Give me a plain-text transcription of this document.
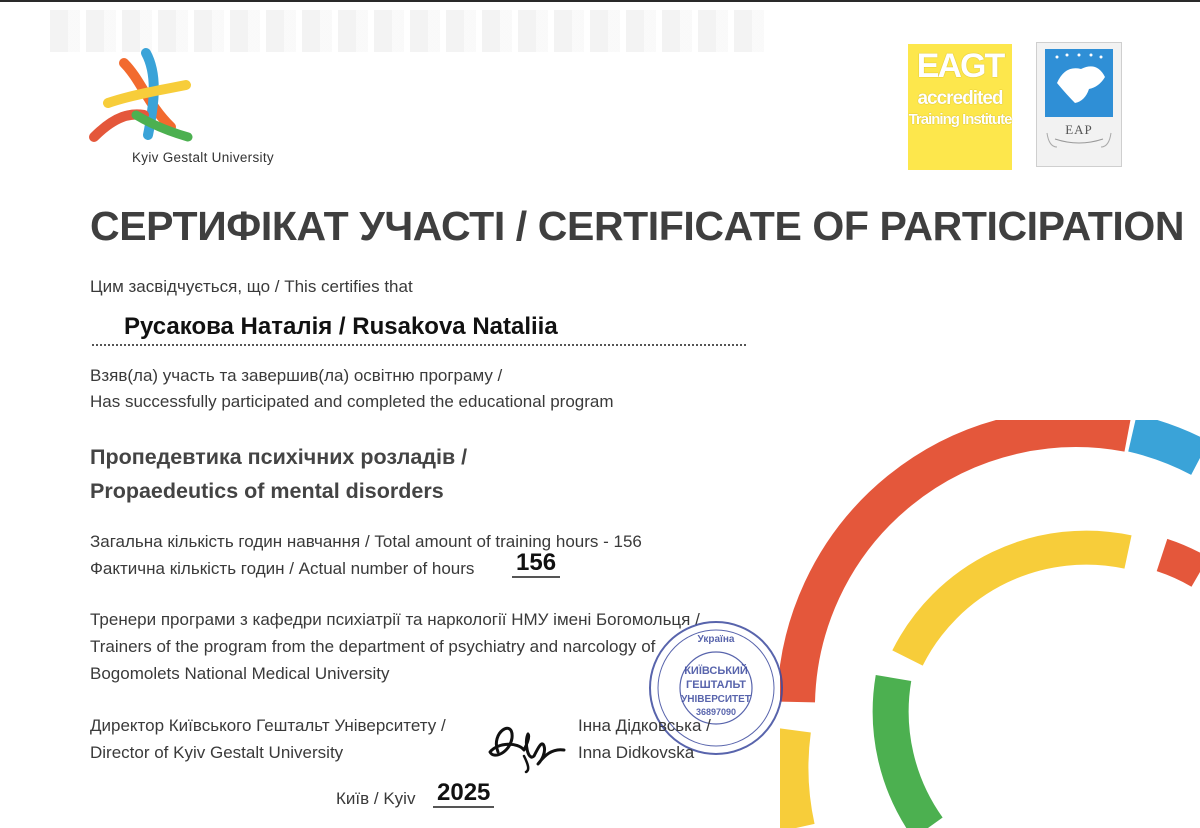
Kyiv Gestalt University
EAGT
accredited
Training Institute
EAP
СЕРТИФІКАТ УЧАСТІ / CERTIFICATE OF PARTICIPATION
Цим засвідчується, що / This certifies that
Русакова Наталія / Rusakova Nataliia
Взяв(ла) участь та завершив(ла) освітню програму /
Has successfully participated and completed the educational program
Пропедевтика психічних розладів /
Propaedeutics of mental disorders
Загальна кількість годин навчання / Total amount of training hours - 156
Фактична кількість годин / Actual number of hours 156
Тренери програми з кафедри психіатрії та наркології НМУ імені Богомольця /
Trainers of the program from the department of psychiatry and narcology of
Bogomolets National Medical University
Директор Київського Гештальт Університету /
Director of Kyiv Gestalt University
Україна
КИЇВСЬКИЙ
ГЕШТАЛЬТ
УНІВЕРСИТЕТ
36897090
Інна Дідковська /
Inna Didkovska
Київ / Kyiv 2025
